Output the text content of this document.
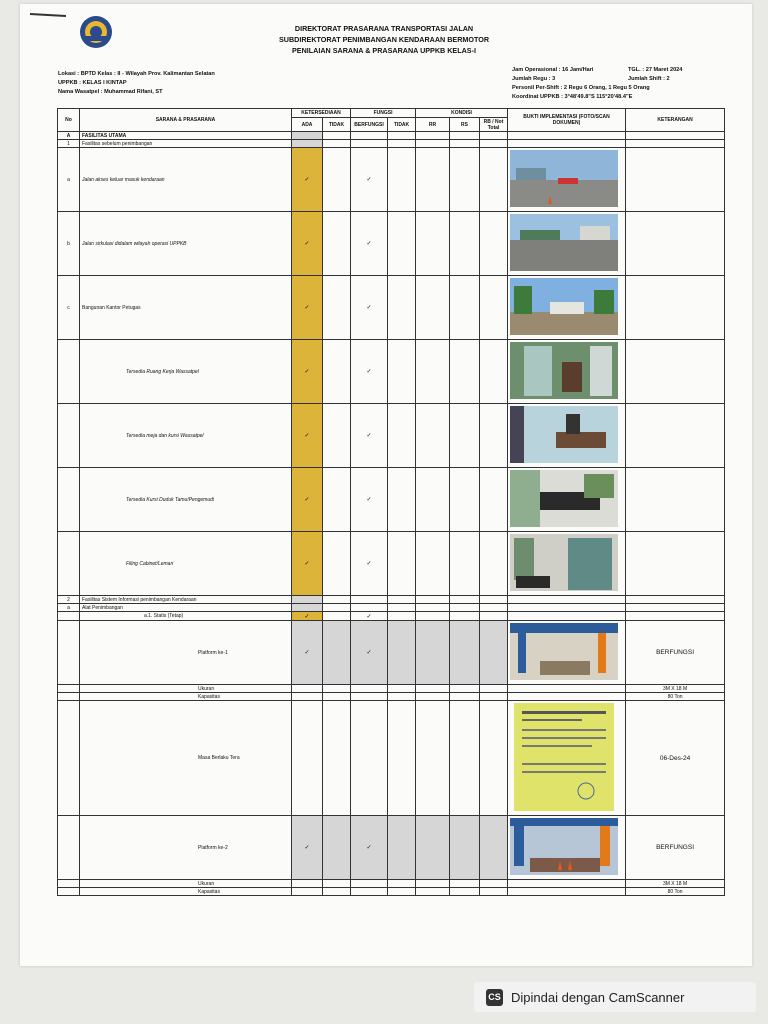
DIREKTORAT PRASARANA TRANSPORTASI JALAN
SUBDIREKTORAT PENIMBANGAN KENDARAAN BERMOTOR
PENILAIAN SARANA & PRASARANA UPPKB KELAS-I
Lokasi : BPTD Kelas : II - Wilayah Prov. Kalimantan Selatan
UPPKB : KELAS I KINTAP
Nama Wasatpel : Muhammad Rifani, ST
Jam Operasional : 16 Jam/Hari
Jumlah Regu : 3
Personil Per-Shift : 2 Regu 6 Orang, 1 Regu 5 Orang
Koordinat UPPKB : 3°48'49.8"S 115°20'48.4"E
TGL. : 27 Maret 2024
Jumlah Shift : 2
No	SARANA & PRASARANA	KETERSEDIAAN		FUNGSI		KONDISI			BUKTI IMPLEMENTASI (FOTO/SCAN DOKUMEN)	KETERANGAN
		ADA	TIDAK	BERFUNGSI	TIDAK	RR	RS	RB / Not Total		
A	FASILITAS UTAMA									
1	Fasilitas sebelum penimbangan									
a	Jalan akses keluar masuk kendaraan	✓		✓						
b	Jalan sirkulasi didalam wilayah operasi UPPKB	✓		✓						
c	Bangunan Kantor Petugas	✓		✓						
	Tersedia Ruang Kerja Wassatpel	✓		✓						
	Tersedia meja dan kursi Wassatpel	✓		✓						
	Tersedia Kursi Duduk Tamu/Pengemudi	✓		✓						
	Filing Cabinet/Lemari	✓		✓						
2	Fasilitas Sistem Informasi penimbangan Kendaraan									
a	Alat Penimbangan									
	a.1. Statis (Tetap)	✓		✓						
	Platform ke-1	✓		✓						BERFUNGSI
	Ukuran									3M X 18 M
	Kapasitas									80 Ton
	Masa Berlaku Tera									06-Des-24
	Platform ke-2	✓		✓						BERFUNGSI
	Ukuran									3M X 18 M
	Kapasitas									80 Ton
CS Dipindai dengan CamScanner
